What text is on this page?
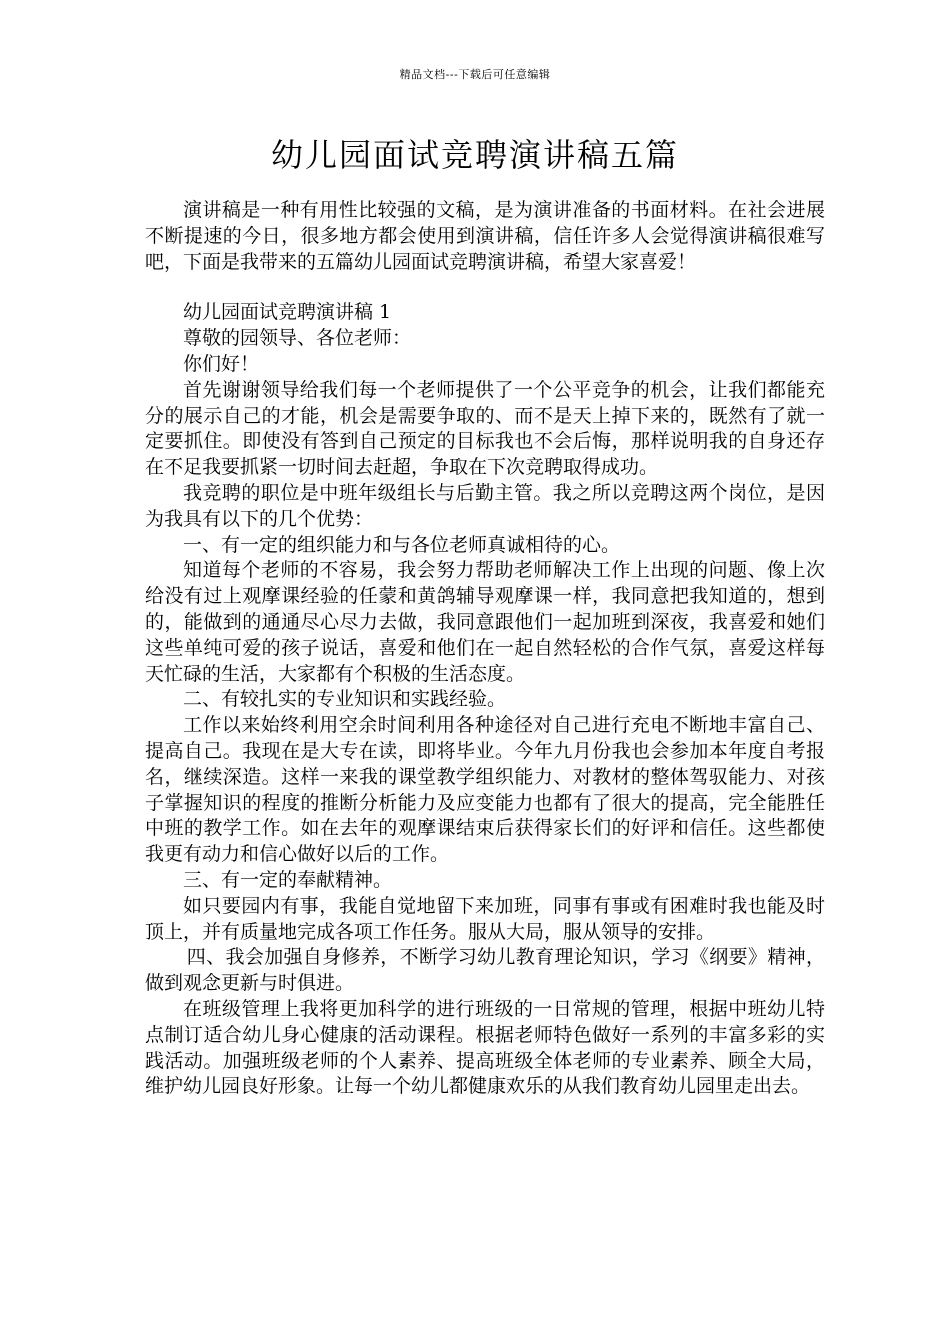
精品文档---下载后可任意编辑
幼儿园面试竞聘演讲稿五篇

演讲稿是一种有用性比较强的文稿，是为演讲准备的书面材料。在社会进展不断提速的今日，很多地方都会使用到演讲稿，信任许多人会觉得演讲稿很难写吧，下面是我带来的五篇幼儿园面试竞聘演讲稿，希望大家喜爱！

幼儿园面试竞聘演讲稿 1

尊敬的园领导、各位老师：

你们好！

首先谢谢领导给我们每一个老师提供了一个公平竞争的机会，让我们都能充分的展示自己的才能，机会是需要争取的、而不是天上掉下来的，既然有了就一定要抓住。即使没有答到自己预定的目标我也不会后悔，那样说明我的自身还存在不足我要抓紧一切时间去赶超，争取在下次竞聘取得成功。

我竞聘的职位是中班年级组长与后勤主管。我之所以竞聘这两个岗位，是因为我具有以下的几个优势：

一、有一定的组织能力和与各位老师真诚相待的心。

知道每个老师的不容易，我会努力帮助老师解决工作上出现的问题、像上次给没有过上观摩课经验的任蒙和黄鸽辅导观摩课一样，我同意把我知道的，想到的，能做到的通通尽心尽力去做，我同意跟他们一起加班到深夜，我喜爱和她们这些单纯可爱的孩子说话，喜爱和他们在一起自然轻松的合作气氛，喜爱这样每天忙碌的生活，大家都有个积极的生活态度。

二、有较扎实的专业知识和实践经验。

工作以来始终利用空余时间利用各种途径对自己进行充电不断地丰富自己、提高自己。我现在是大专在读，即将毕业。今年九月份我也会参加本年度自考报名，继续深造。这样一来我的课堂教学组织能力、对教材的整体驾驭能力、对孩子掌握知识的程度的推断分析能力及应变能力也都有了很大的提高，完全能胜任中班的教学工作。如在去年的观摩课结束后获得家长们的好评和信任。这些都使我更有动力和信心做好以后的工作。

三、有一定的奉献精神。

如只要园内有事，我能自觉地留下来加班，同事有事或有困难时我也能及时顶上，并有质量地完成各项工作任务。服从大局，服从领导的安排。

四、我会加强自身修养，不断学习幼儿教育理论知识，学习《纲要》精神，做到观念更新与时俱进。

在班级管理上我将更加科学的进行班级的一日常规的管理，根据中班幼儿特点制订适合幼儿身心健康的活动课程。根据老师特色做好一系列的丰富多彩的实践活动。加强班级老师的个人素养、提高班级全体老师的专业素养、顾全大局，维护幼儿园良好形象。让每一个幼儿都健康欢乐的从我们教育幼儿园里走出去。
